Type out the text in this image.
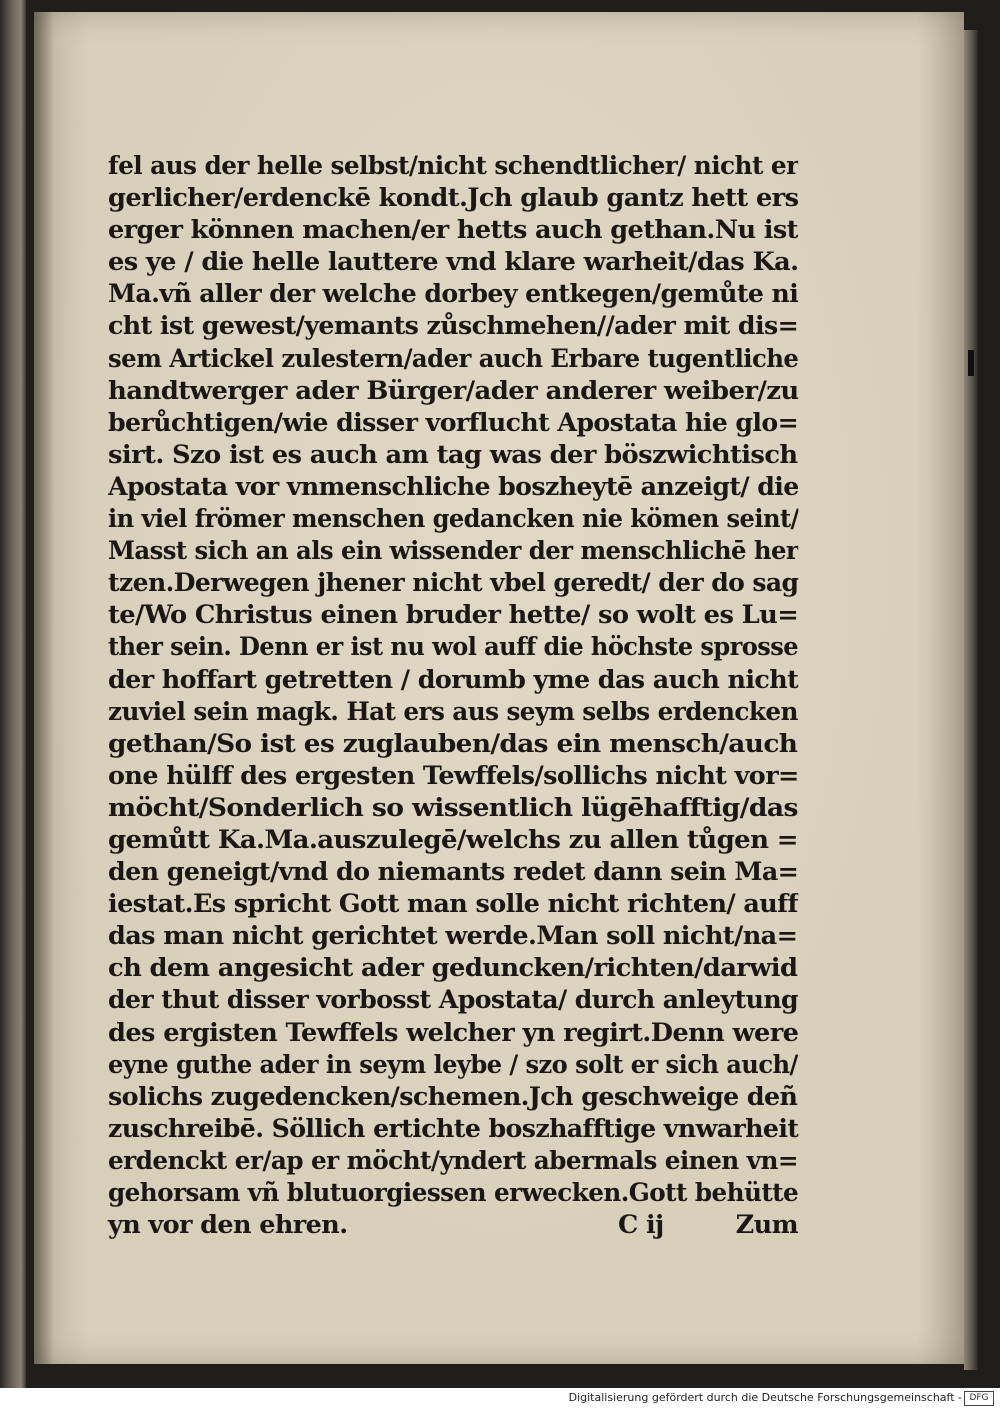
fel aus der helle selbst/nicht schendtlicher/ nicht er
gerlicher/erdenckē kondt.Jch glaub gantz hett ers
erger können machen/er hetts auch gethan.Nu ist
es ye / die helle lauttere vnd klare warheit/das Ka.
Ma.vñ aller der welche dorbey entkegen/gemůte ni
cht ist gewest/yemants zůschmehen//ader mit dis=
sem Artickel zulestern/ader auch Erbare tugentliche
handtwerger ader Bürger/ader anderer weiber/zu
berůchtigen/wie disser vorflucht Apostata hie glo=
sirt. Szo ist es auch am tag was der böszwichtisch
Apostata vor vnmenschliche boszheytē anzeigt/ die
in viel frömer menschen gedancken nie kömen seint/
Masst sich an als ein wissender der menschlichē her
tzen.Derwegen jhener nicht vbel geredt/ der do sag
te/Wo Christus einen bruder hette/ so wolt es Lu=
ther sein. Denn er ist nu wol auff die höchste sprosse
der hoffart getretten / dorumb yme das auch nicht
zuviel sein magk. Hat ers aus seym selbs erdencken
gethan/So ist es zuglauben/das ein mensch/auch
one hülff des ergesten Tewffels/sollichs nicht vor=
möcht/Sonderlich so wissentlich lügēhafftig/das
gemůtt Ka.Ma.auszulegē/welchs zu allen tůgen =
den geneigt/vnd do niemants redet dann sein Ma=
iestat.Es spricht Gott man solle nicht richten/ auff
das man nicht gerichtet werde.Man soll nicht/na=
ch dem angesicht ader geduncken/richten/darwid
der thut disser vorbosst Apostata/ durch anleytung
des ergisten Tewffels welcher yn regirt.Denn were
eyne guthe ader in seym leybe / szo solt er sich auch/
solichs zugedencken/schemen.Jch geschweige deñ
zuschreibē. Söllich ertichte boszhafftige vnwarheit
erdenckt er/ap er möcht/yndert abermals einen vn=
gehorsam vñ blutuorgiessen erwecken.Gott behütte
yn vor den ehren.	C ij	Zum
Digitalisierung gefördert durch die Deutsche Forschungsgemeinschaft - DFG
